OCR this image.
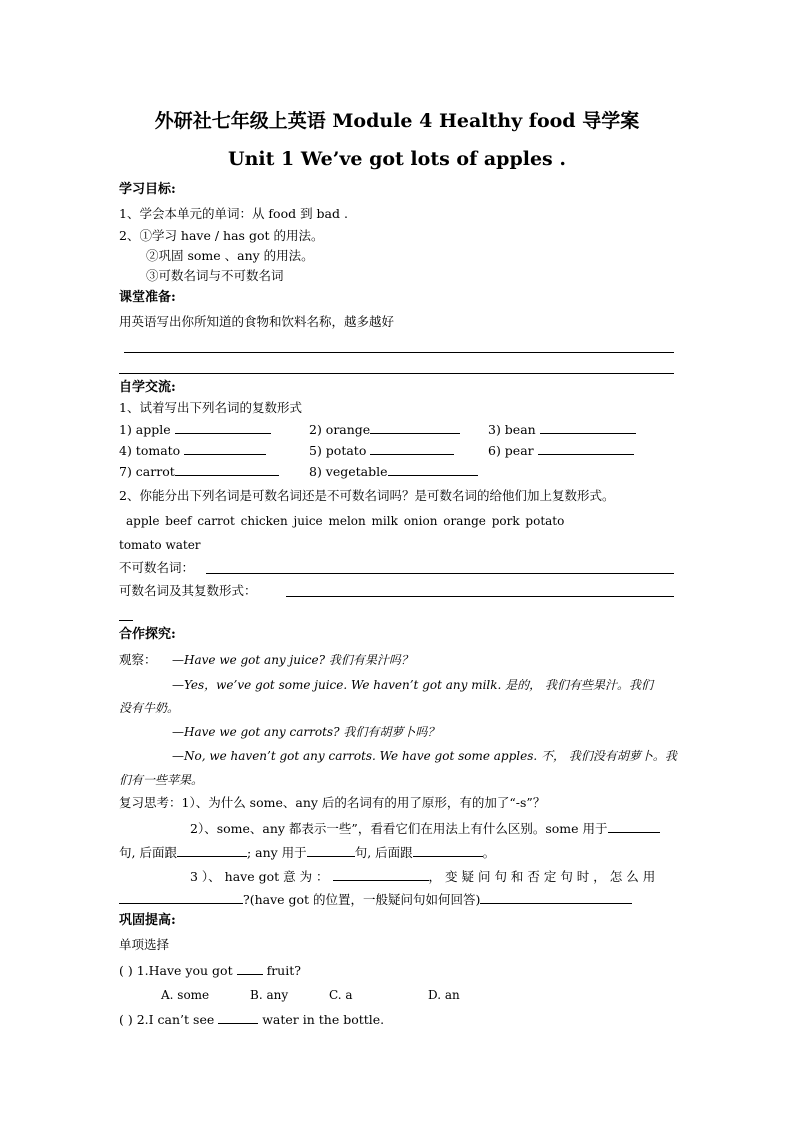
外研社七年级上英语 Module 4 Healthy food 导学案
Unit 1 We’ve got lots of apples .
学习目标:
1、学会本单元的单词：从 food 到 bad .
2、①学习 have / has got 的用法。
②巩固 some 、any 的用法。
③可数名词与不可数名词
课堂准备:
用英语写出你所知道的食物和饮料名称，越多越好
自学交流:
1、试着写出下列名词的复数形式
1) apple	2) orange	3) bean
4) tomato	5) potato	6) pear
7) carrot	8) vegetable
2、你能分出下列名词是可数名词还是不可数名词吗？是可数名词的给他们加上复数形式。
apple beef carrot chicken juice melon milk onion orange pork potato
tomato water
不可数名词：
可数名词及其复数形式：
合作探究:
观察： —Have we got any juice? 我们有果汁吗？
—Yes，we’ve got some juice. We haven’t got any milk. 是的， 我们有些果汁。我们
没有牛奶。
—Have we got any carrots? 我们有胡萝卜吗？
—No, we haven’t got any carrots. We have got some apples. 不， 我们没有胡萝卜。我
们有一些苹果。
复习思考：1）、为什么 some、any 后的名词有的用了原形，有的加了“-s”？
2）、some、any 都表示一些”，看看它们在用法上有什么区别。some 用于
句, 后面跟	; any 用于	句, 后面跟	。
3 ）、 have got 意 为 ：	， 变 疑 问 句 和 否 定 句 时 ， 怎 么 用
?(have got 的位置，一般疑问句如何回答)
巩固提高:
单项选择
( ) 1.Have you got	fruit?
A. some	B. any	C. a	D. an
( ) 2.I can’t see	water in the bottle.
